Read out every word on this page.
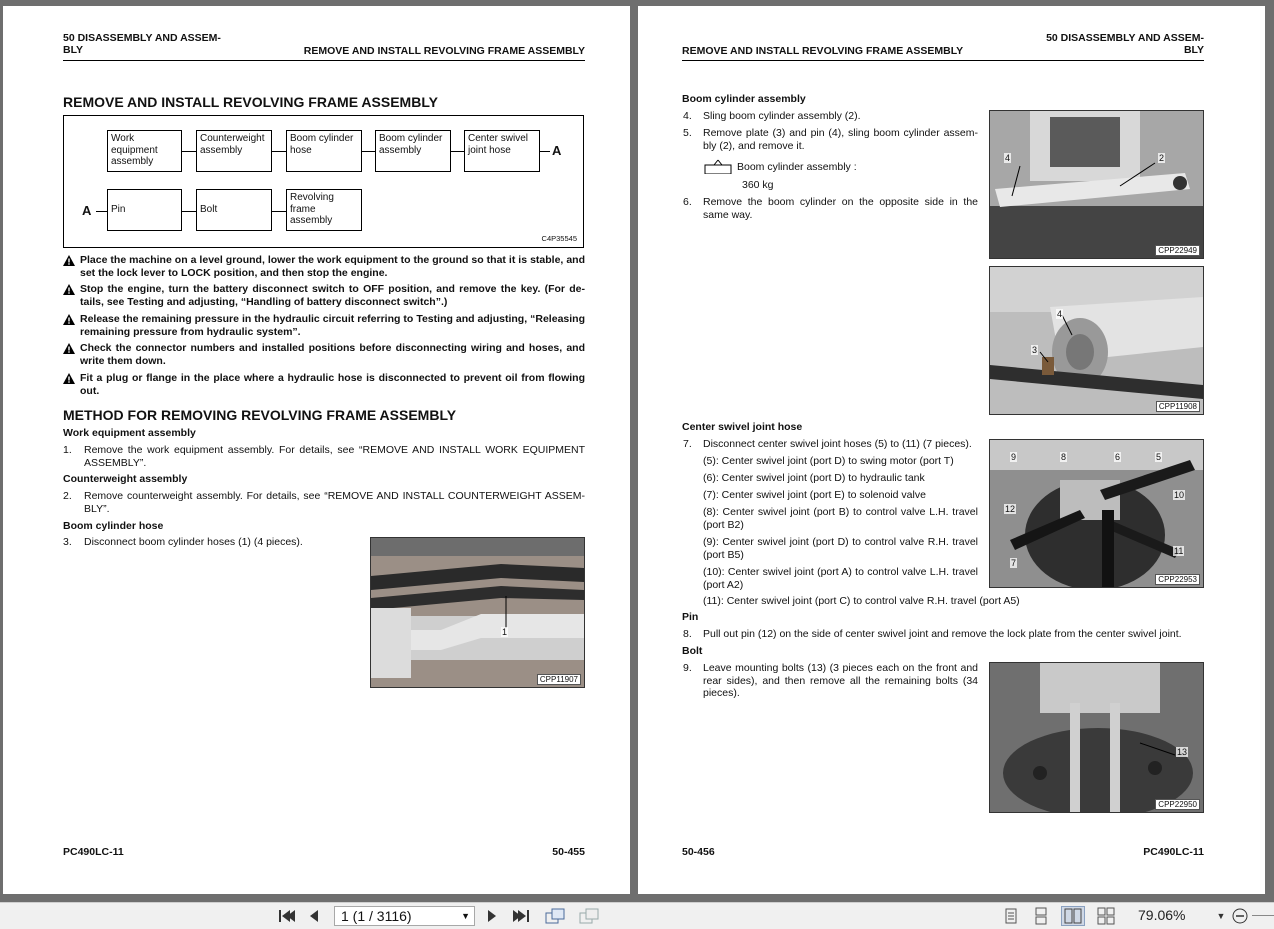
50 DISASSEMBLY AND ASSEM-
BLY	REMOVE AND INSTALL REVOLVING FRAME ASSEMBLY
REMOVE AND INSTALL REVOLVING FRAME ASSEMBLY
Work equipment assembly
Counterweight assembly
Boom cylinder hose
Boom cylinder assembly
Center swivel joint hose	A
A	Pin	Bolt
Revolving frame assembly
C4P35545
Place the machine on a level ground, lower the work equipment to the ground so that it is stable, and set the lock lever to LOCK position, and then stop the engine.
Stop the engine, turn the battery disconnect switch to OFF position, and remove the key. (For de-tails, see Testing and adjusting, “Handling of battery disconnect switch”.)
Release the remaining pressure in the hydraulic circuit referring to Testing and adjusting, “Releasing remaining pressure from hydraulic system”.
Check the connector numbers and installed positions before disconnecting wiring and hoses, and write them down.
Fit a plug or flange in the place where a hydraulic hose is disconnected to prevent oil from flowing out.
METHOD FOR REMOVING REVOLVING FRAME ASSEMBLY
Work equipment assembly
1. Remove the work equipment assembly. For details, see “REMOVE AND INSTALL WORK EQUIPMENT ASSEMBLY”.
Counterweight assembly
2. Remove counterweight assembly. For details, see “REMOVE AND INSTALL COUNTERWEIGHT ASSEM-BLY”.
Boom cylinder hose
3. Disconnect boom cylinder hoses (1) (4 pieces).
1
CPP11907
PC490LC-11	50-455
REMOVE AND INSTALL REVOLVING FRAME ASSEMBLY
50 DISASSEMBLY AND ASSEM-
BLY
Boom cylinder assembly
4. Sling boom cylinder assembly (2).
5. Remove plate (3) and pin (4), sling boom cylinder assem-bly (2), and remove it.
Boom cylinder assembly :
360 kg
6. Remove the boom cylinder on the opposite side in the same way.
4	2
CPP22949
4
3
CPP11908
Center swivel joint hose
7. Disconnect center swivel joint hoses (5) to (11) (7 pieces).
(5): Center swivel joint (port D) to swing motor (port T)
(6): Center swivel joint (port D) to hydraulic tank
(7): Center swivel joint (port E) to solenoid valve
(8): Center swivel joint (port B) to control valve L.H. travel (port B2)
(9): Center swivel joint (port D) to control valve R.H. travel (port B5)
(10): Center swivel joint (port A) to control valve L.H. travel (port A2)
(11): Center swivel joint (port C) to control valve R.H. travel (port A5)
9	8	6	5
10
12
11
7
CPP22953
Pin
8. Pull out pin (12) on the side of center swivel joint and remove the lock plate from the center swivel joint.
Bolt
9. Leave mounting bolts (13) (3 pieces each on the front and rear sides), and then remove all the remaining bolts (34 pieces).
13
CPP22950
50-456	PC490LC-11
1 (1 / 3116)	▼	79.06%	▼
